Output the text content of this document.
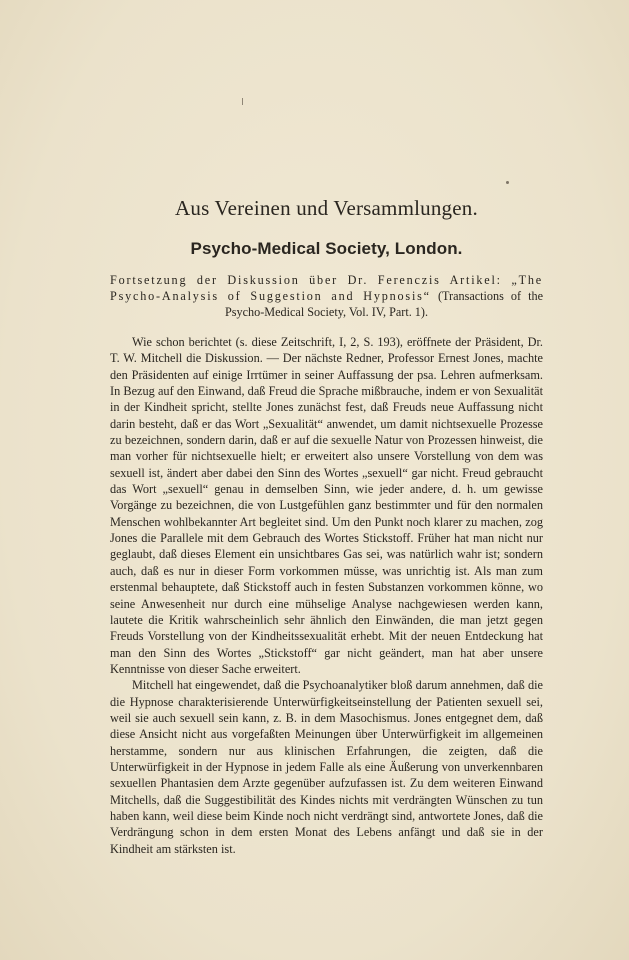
Aus Vereinen und Versammlungen.
Psycho-Medical Society, London.

Fortsetzung der Diskussion über Dr. Ferenczis Artikel: „The Psycho-Analysis of Suggestion and Hypnosis“ (Transactions of the Psycho-Medical Society, Vol. IV, Part. 1).

Wie schon berichtet (s. diese Zeitschrift, I, 2, S. 193), eröffnete der Präsident, Dr. T. W. Mitchell die Diskussion. — Der nächste Redner, Professor Ernest Jones, machte den Präsidenten auf einige Irrtümer in seiner Auffassung der psa. Lehren aufmerksam. In Bezug auf den Einwand, daß Freud die Sprache mißbrauche, indem er von Sexualität in der Kindheit spricht, stellte Jones zunächst fest, daß Freuds neue Auffassung nicht darin besteht, daß er das Wort „Sexualität“ anwendet, um damit nichtsexuelle Prozesse zu bezeichnen, sondern darin, daß er auf die sexuelle Natur von Prozessen hinweist, die man vorher für nichtsexuelle hielt; er erweitert also unsere Vorstellung von dem was sexuell ist, ändert aber dabei den Sinn des Wortes „sexuell“ gar nicht. Freud gebraucht das Wort „sexuell“ genau in demselben Sinn, wie jeder andere, d. h. um gewisse Vorgänge zu bezeichnen, die von Lustgefühlen ganz bestimmter und für den normalen Menschen wohlbekannter Art begleitet sind. Um den Punkt noch klarer zu machen, zog Jones die Parallele mit dem Gebrauch des Wortes Stickstoff. Früher hat man nicht nur geglaubt, daß dieses Element ein unsichtbares Gas sei, was natürlich wahr ist; sondern auch, daß es nur in dieser Form vorkommen müsse, was unrichtig ist. Als man zum erstenmal behauptete, daß Stickstoff auch in festen Substanzen vorkommen könne, wo seine Anwesenheit nur durch eine mühselige Analyse nachgewiesen werden kann, lautete die Kritik wahrscheinlich sehr ähnlich den Einwänden, die man jetzt gegen Freuds Vorstellung von der Kindheitssexualität erhebt. Mit der neuen Entdeckung hat man den Sinn des Wortes „Stickstoff“ gar nicht geändert, man hat aber unsere Kenntnisse von dieser Sache erweitert.

Mitchell hat eingewendet, daß die Psychoanalytiker bloß darum annehmen, daß die die Hypnose charakterisierende Unterwürfigkeitseinstellung der Patienten sexuell sei, weil sie auch sexuell sein kann, z. B. in dem Masochismus. Jones entgegnet dem, daß diese Ansicht nicht aus vorgefaßten Meinungen über Unterwürfigkeit im allgemeinen herstamme, sondern nur aus klinischen Erfahrungen, die zeigten, daß die Unterwürfigkeit in der Hypnose in jedem Falle als eine Äußerung von unverkennbaren sexuellen Phantasien dem Arzte gegenüber aufzufassen ist. Zu dem weiteren Einwand Mitchells, daß die Suggestibilität des Kindes nichts mit verdrängten Wünschen zu tun haben kann, weil diese beim Kinde noch nicht verdrängt sind, antwortete Jones, daß die Verdrängung schon in dem ersten Monat des Lebens anfängt und daß sie in der Kindheit am stärksten ist.
